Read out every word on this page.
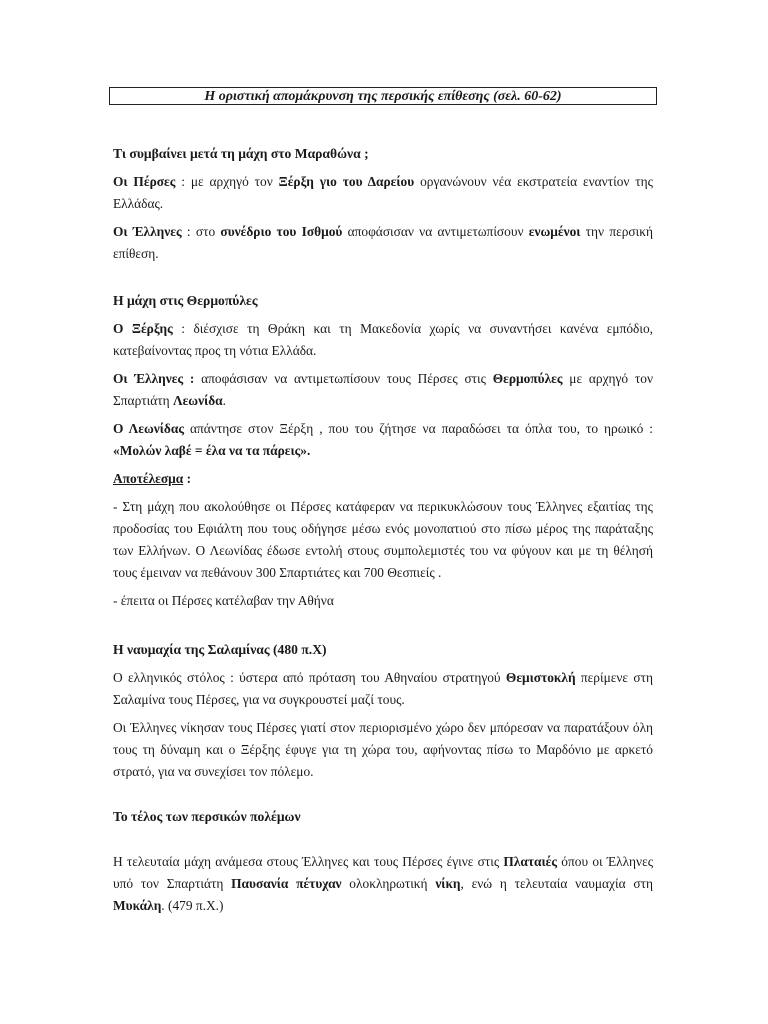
Η οριστική απομάκρυνση της περσικής επίθεσης (σελ. 60-62)

Τι συμβαίνει μετά τη μάχη στο Μαραθώνα ;

Οι Πέρσες : με αρχηγό τον Ξέρξη γιο του Δαρείου οργανώνουν νέα εκστρατεία εναντίον της Ελλάδας.

Οι Έλληνες : στο συνέδριο του Ισθμού αποφάσισαν να αντιμετωπίσουν ενωμένοι την περσική επίθεση.

Η μάχη στις Θερμοπύλες

Ο Ξέρξης : διέσχισε τη Θράκη και τη Μακεδονία χωρίς να συναντήσει κανένα εμπόδιο, κατεβαίνοντας προς τη νότια Ελλάδα.

Οι Έλληνες : αποφάσισαν να αντιμετωπίσουν τους Πέρσες στις Θερμοπύλες με αρχηγό τον Σπαρτιάτη Λεωνίδα.

Ο Λεωνίδας απάντησε στον Ξέρξη , που του ζήτησε να παραδώσει τα όπλα του, το ηρωικό : «Μολών λαβέ = έλα να τα πάρεις».

Αποτέλεσμα :

- Στη μάχη που ακολούθησε οι Πέρσες κατάφεραν να περικυκλώσουν τους Έλληνες εξαιτίας της προδοσίας του Εφιάλτη που τους οδήγησε μέσω ενός μονοπατιού στο πίσω μέρος της παράταξης των Ελλήνων. Ο Λεωνίδας έδωσε εντολή στους συμπολεμιστές του να φύγουν και με τη θέλησή τους έμειναν να πεθάνουν 300 Σπαρτιάτες και 700 Θεσπιείς .

- έπειτα οι Πέρσες κατέλαβαν την Αθήνα

Η ναυμαχία της Σαλαμίνας (480 π.Χ)

Ο ελληνικός στόλος : ύστερα από πρόταση του Αθηναίου στρατηγού Θεμιστοκλή περίμενε στη Σαλαμίνα τους Πέρσες, για να συγκρουστεί μαζί τους.

Οι Έλληνες νίκησαν τους Πέρσες γιατί στον περιορισμένο χώρο δεν μπόρεσαν να παρατάξουν όλη τους τη δύναμη και ο Ξέρξης έφυγε για τη χώρα του, αφήνοντας πίσω το Μαρδόνιο με αρκετό στρατό, για να συνεχίσει τον πόλεμο.

Το τέλος των περσικών πολέμων

Η τελευταία μάχη ανάμεσα στους Έλληνες και τους Πέρσες έγινε στις Πλαταιές όπου οι Έλληνες υπό τον Σπαρτιάτη Παυσανία πέτυχαν ολοκληρωτική νίκη, ενώ η τελευταία ναυμαχία στη Μυκάλη. (479 π.Χ.)
